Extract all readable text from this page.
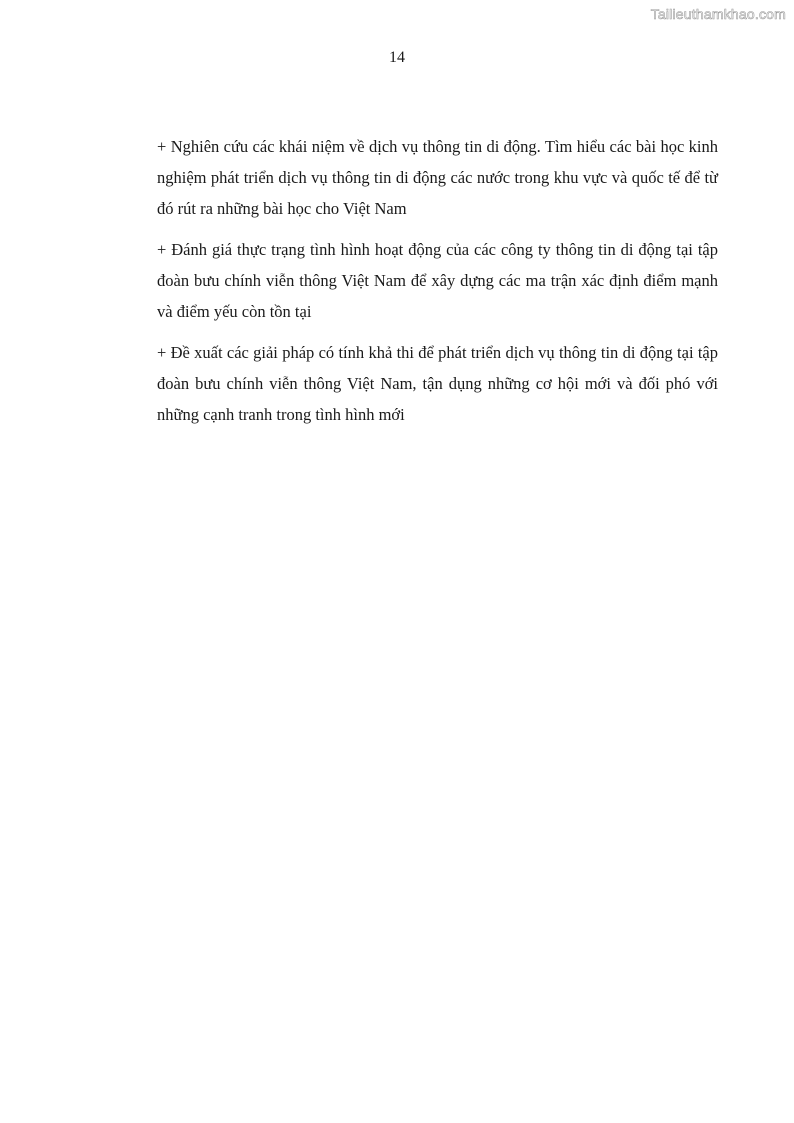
Tailieuthamkhao.com
14

+ Nghiên cứu các khái niệm về dịch vụ thông tin di động. Tìm hiểu các bài học kinh nghiệm phát triển dịch vụ thông tin di động các nước trong khu vực và quốc tế để từ đó rút ra những bài học cho Việt Nam

+ Đánh giá thực trạng tình hình hoạt động của các công ty thông tin di động tại tập đoàn bưu chính viễn thông Việt Nam để xây dựng các ma trận xác định điểm mạnh và điểm yếu còn tồn tại

+ Đề xuất các giải pháp có tính khả thi để phát triển dịch vụ thông tin di động tại tập đoàn bưu chính viễn thông Việt Nam, tận dụng những cơ hội mới và đối phó với những cạnh tranh trong tình hình mới
